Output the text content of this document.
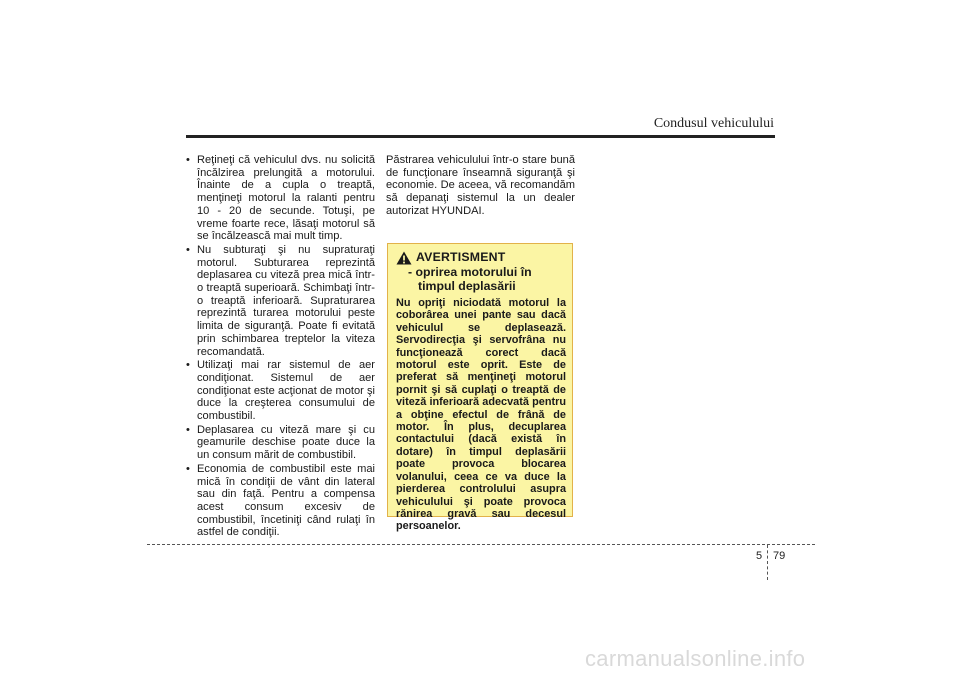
Condusul vehiculului
• Reţineţi că vehiculul dvs. nu solicită încălzirea prelungită a motorului. Înainte de a cupla o treaptă, menţineţi motorul la ralanti pentru 10 - 20 de secunde. Totuşi, pe vreme foarte rece, lăsaţi motorul să se încălzească mai mult timp.
• Nu subturaţi şi nu supraturaţi motorul. Subturarea reprezintă deplasarea cu viteză prea mică într-o treaptă superioară. Schimbaţi într-o treaptă inferioară. Supraturarea reprezintă turarea motorului peste limita de siguranţă. Poate fi evitată prin schimbarea treptelor la viteza recomandată.
• Utilizaţi mai rar sistemul de aer condiţionat. Sistemul de aer condiţionat este acţionat de motor şi duce la creşterea consumului de combustibil.
• Deplasarea cu viteză mare şi cu geamurile deschise poate duce la un consum mărit de combustibil.
• Economia de combustibil este mai mică în condiţii de vânt din lateral sau din faţă. Pentru a compensa acest consum excesiv de combustibil, încetiniţi când rulaţi în astfel de condiţii.

Păstrarea vehiculului într-o stare bună de funcţionare înseamnă siguranţă şi economie. De aceea, vă recomandăm să depanaţi sistemul la un dealer autorizat HYUNDAI.

AVERTISMENT
- oprirea motorului în
timpul deplasării

Nu opriţi niciodată motorul la coborârea unei pante sau dacă vehiculul se deplasează. Servodirecţia şi servofrâna nu funcţionează corect dacă motorul este oprit. Este de preferat să menţineţi motorul pornit şi să cuplaţi o treaptă de viteză inferioară adecvată pentru a obţine efectul de frână de motor. În plus, decuplarea contactului (dacă există în dotare) în timpul deplasării poate provoca blocarea volanului, ceea ce va duce la pierderea controlului asupra vehiculului şi poate provoca rănirea gravă sau decesul persoanelor.

5 79
carmanualsonline.info
